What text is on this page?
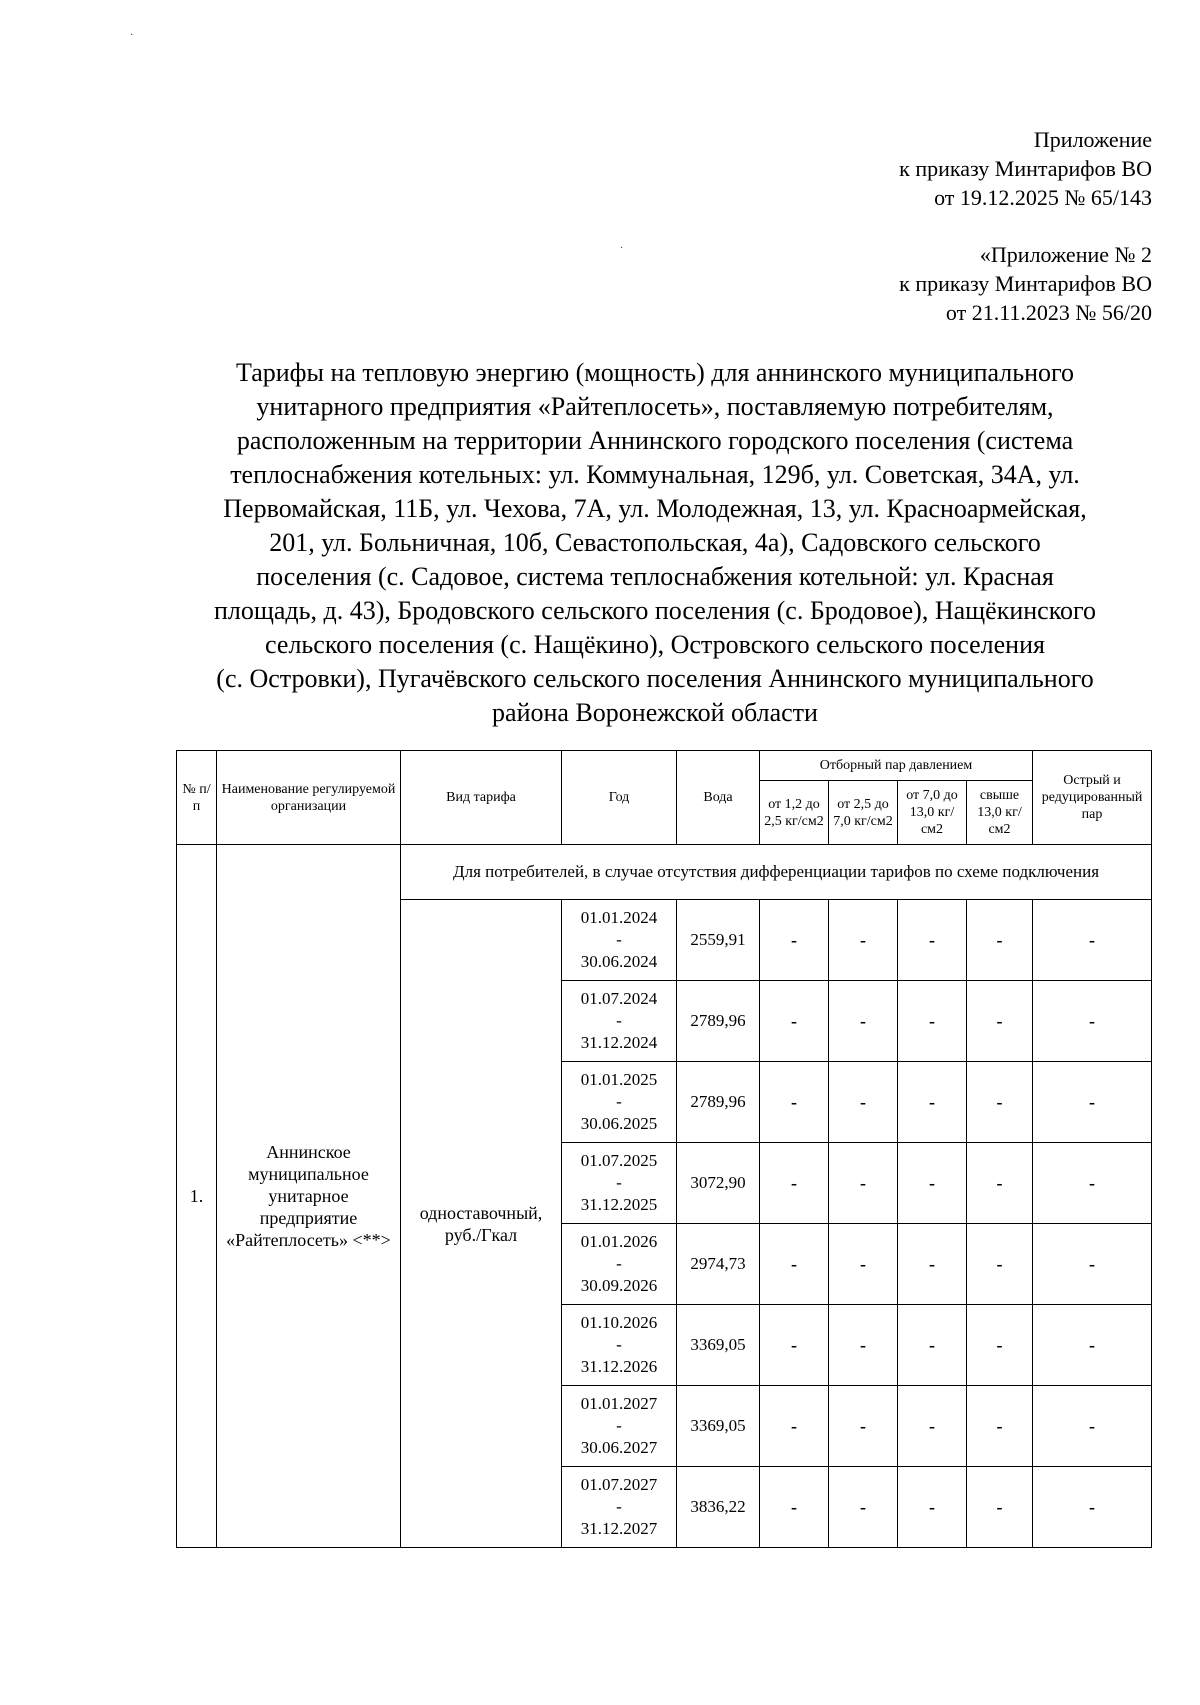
Приложение
к приказу Минтарифов ВО
от 19.12.2025 № 65/143
«Приложение № 2
к приказу Минтарифов ВО
от 21.11.2023 № 56/20
Тарифы на тепловую энергию (мощность) для аннинского муниципального
унитарного предприятия «Райтеплосеть», поставляемую потребителям,
расположенным на территории Аннинского городского поселения (система
теплоснабжения котельных: ул. Коммунальная, 129б, ул. Советская, 34А, ул.
Первомайская, 11Б, ул. Чехова, 7А, ул. Молодежная, 13, ул. Красноармейская,
201, ул. Больничная, 10б, Севастопольская, 4а), Садовского сельского
поселения (с. Садовое, система теплоснабжения котельной: ул. Красная
площадь, д. 43), Бродовского сельского поселения (с. Бродовое), Нащёкинского
сельского поселения (с. Нащёкино), Островского сельского поселения
(с. Островки), Пугачёвского сельского поселения Аннинского муниципального
района Воронежской области
№ п/п	Наименование регулируемой организации	Вид тарифа	Год	Вода	Отборный пар давлением				Острый и редуцированный пар
					от 1,2 до 2,5 кг/см2	от 2,5 до 7,0 кг/см2	от 7,0 до 13,0 кг/см2	свыше 13,0 кг/см2	
1.	Аннинское муниципальное унитарное предприятие «Райтеплосеть» <**>	Для потребителей, в случае отсутствия дифференциации тарифов по схеме подключения							
		одноставочный, руб./Гкал	01.01.2024
-
30.06.2024	2559,91	-	-	-	-	-

			01.07.2024
-
31.12.2024	2789,96	-	-	-	-	-

			01.01.2025
-
30.06.2025	2789,96	-	-	-	-	-

			01.07.2025
-
31.12.2025	3072,90	-	-	-	-	-

			01.01.2026
-
30.09.2026	2974,73	-	-	-	-	-

			01.10.2026
-
31.12.2026	3369,05	-	-	-	-	-

			01.01.2027
-
30.06.2027	3369,05	-	-	-	-	-

			01.07.2027
-
31.12.2027	3836,22	-	-	-	-	-
·
·
